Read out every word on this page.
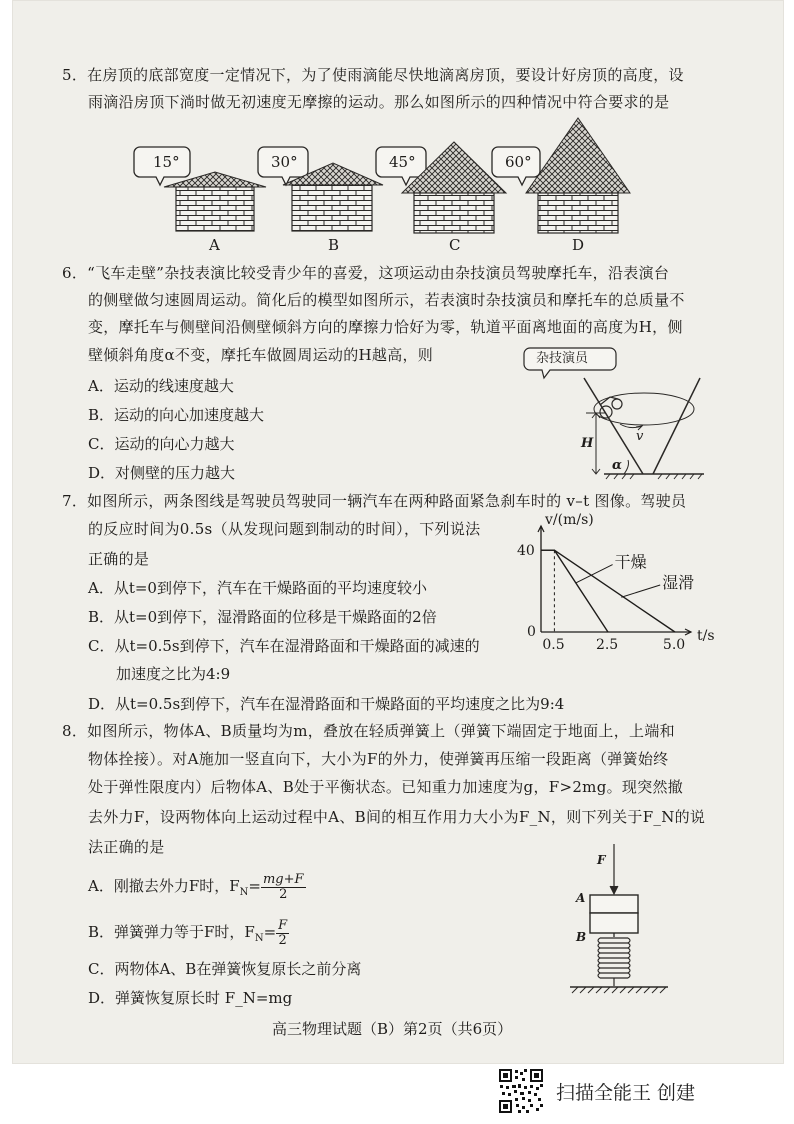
5．在房顶的底部宽度一定情况下，为了使雨滴能尽快地滴离房顶，要设计好房顶的高度，设
雨滴沿房顶下淌时做无初速度无摩擦的运动。那么如图所示的四种情况中符合要求的是
15°	30°	45°	60°
A	B	C	D
6．“飞车走壁”杂技表演比较受青少年的喜爱，这项运动由杂技演员驾驶摩托车，沿表演台
的侧壁做匀速圆周运动。简化后的模型如图所示，若表演时杂技演员和摩托车的总质量不
变，摩托车与侧壁间沿侧壁倾斜方向的摩擦力恰好为零，轨道平面离地面的高度为H，侧
壁倾斜角度α不变，摩托车做圆周运动的H越高，则
A．运动的线速度越大
B．运动的向心加速度越大
C．运动的向心力越大
D．对侧壁的压力越大
杂技演员
H	v
α
7．如图所示，两条图线是驾驶员驾驶同一辆汽车在两种路面紧急刹车时的 v–t 图像。驾驶员
的反应时间为0.5s（从发现问题到制动的时间），下列说法
正确的是
A．从t=0到停下，汽车在干燥路面的平均速度较小
B．从t=0到停下，湿滑路面的位移是干燥路面的2倍
C．从t=0.5s到停下，汽车在湿滑路面和干燥路面的减速的
加速度之比为4:9
D．从t=0.5s到停下，汽车在湿滑路面和干燥路面的平均速度之比为9:4
v/(m/s)
t/s
40
0
0.5 2.5	5.0
干燥
湿滑
8．如图所示，物体A、B质量均为m，叠放在轻质弹簧上（弹簧下端固定于地面上，上端和
物体拴接）。对A施加一竖直向下，大小为F的外力，使弹簧再压缩一段距离（弹簧始终
处于弹性限度内）后物体A、B处于平衡状态。已知重力加速度为g，F>2mg。现突然撤
去外力F，设两物体向上运动过程中A、B间的相互作用力大小为F_N，则下列关于F_N的说
法正确的是
A．刚撤去外力F时，$F_N= \frac{mg+F}{2}$
B．弹簧弹力等于F时，$F_N= \frac{F}{2}$
C．两物体A、B在弹簧恢复原长之前分离
D．弹簧恢复原长时 F_N=mg
F
A
B
高三物理试题（B）第2页（共6页）
扫描全能王 创建
